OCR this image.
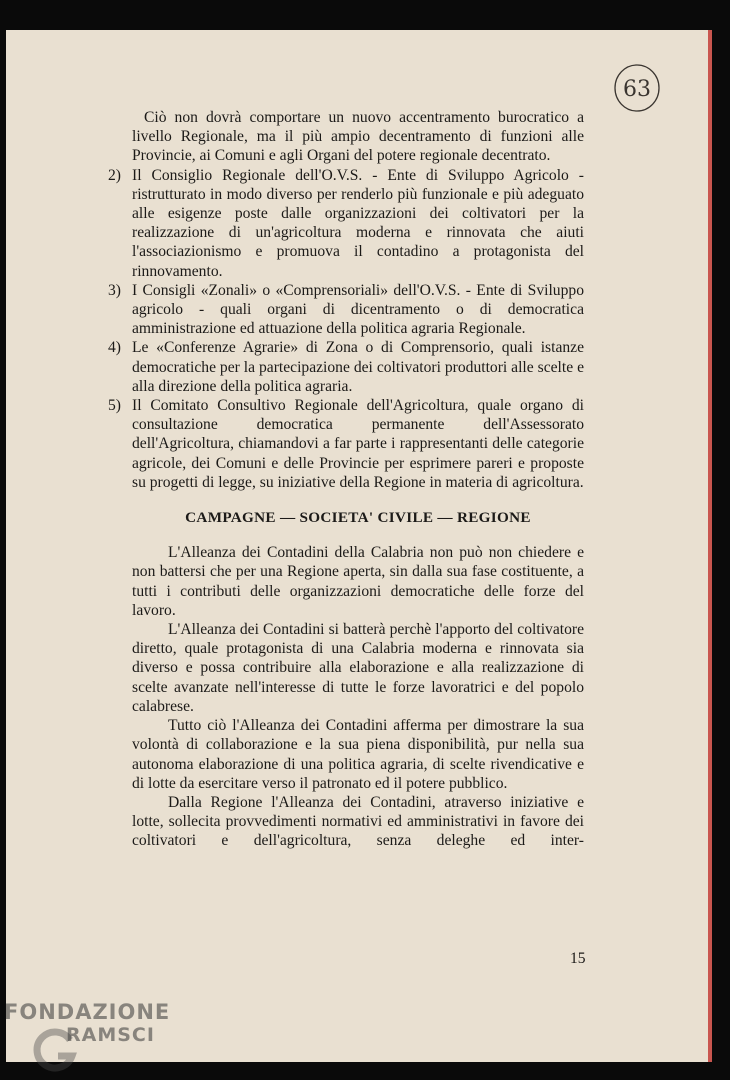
63

Ciò non dovrà comportare un nuovo accentramento burocratico a livello Regionale, ma il più ampio decentramento di funzioni alle Provincie, ai Comuni e agli Organi del potere regionale decentrato.

2) Il Consiglio Regionale dell'O.V.S. - Ente di Sviluppo Agricolo - ristrutturato in modo diverso per renderlo più funzionale e più adeguato alle esigenze poste dalle organizzazioni dei coltivatori per la realizzazione di un'agricoltura moderna e rinnovata che aiuti l'associazionismo e promuova il contadino a protagonista del rinnovamento.
3) I Consigli «Zonali» o «Comprensoriali» dell'O.V.S. - Ente di Sviluppo agricolo - quali organi di dicentramento o di democratica amministrazione ed attuazione della politica agraria Regionale.
4) Le «Conferenze Agrarie» di Zona o di Comprensorio, quali istanze democratiche per la partecipazione dei coltivatori produttori alle scelte e alla direzione della politica agraria.
5) Il Comitato Consultivo Regionale dell'Agricoltura, quale organo di consultazione democratica permanente dell'Assessorato dell'Agricoltura, chiamandovi a far parte i rappresentanti delle categorie agricole, dei Comuni e delle Provincie per esprimere pareri e proposte su progetti di legge, su iniziative della Regione in materia di agricoltura.
CAMPAGNE — SOCIETA' CIVILE — REGIONE

L'Alleanza dei Contadini della Calabria non può non chiedere e non battersi che per una Regione aperta, sin dalla sua fase costituente, a tutti i contributi delle organizzazioni democratiche delle forze del lavoro.

L'Alleanza dei Contadini si batterà perchè l'apporto del coltivatore diretto, quale protagonista di una Calabria moderna e rinnovata sia diverso e possa contribuire alla elaborazione e alla realizzazione di scelte avanzate nell'interesse di tutte le forze lavoratrici e del popolo calabrese.

Tutto ciò l'Alleanza dei Contadini afferma per dimostrare la sua volontà di collaborazione e la sua piena disponibilità, pur nella sua autonoma elaborazione di una politica agraria, di scelte rivendicative e di lotte da esercitare verso il patronato ed il potere pubblico.

Dalla Regione l'Alleanza dei Contadini, atraverso iniziative e lotte, sollecita provvedimenti normativi ed amministrativi in favore dei coltivatori e dell'agricoltura, senza deleghe ed inter-

15
FONDAZIONE
RAMSCI
